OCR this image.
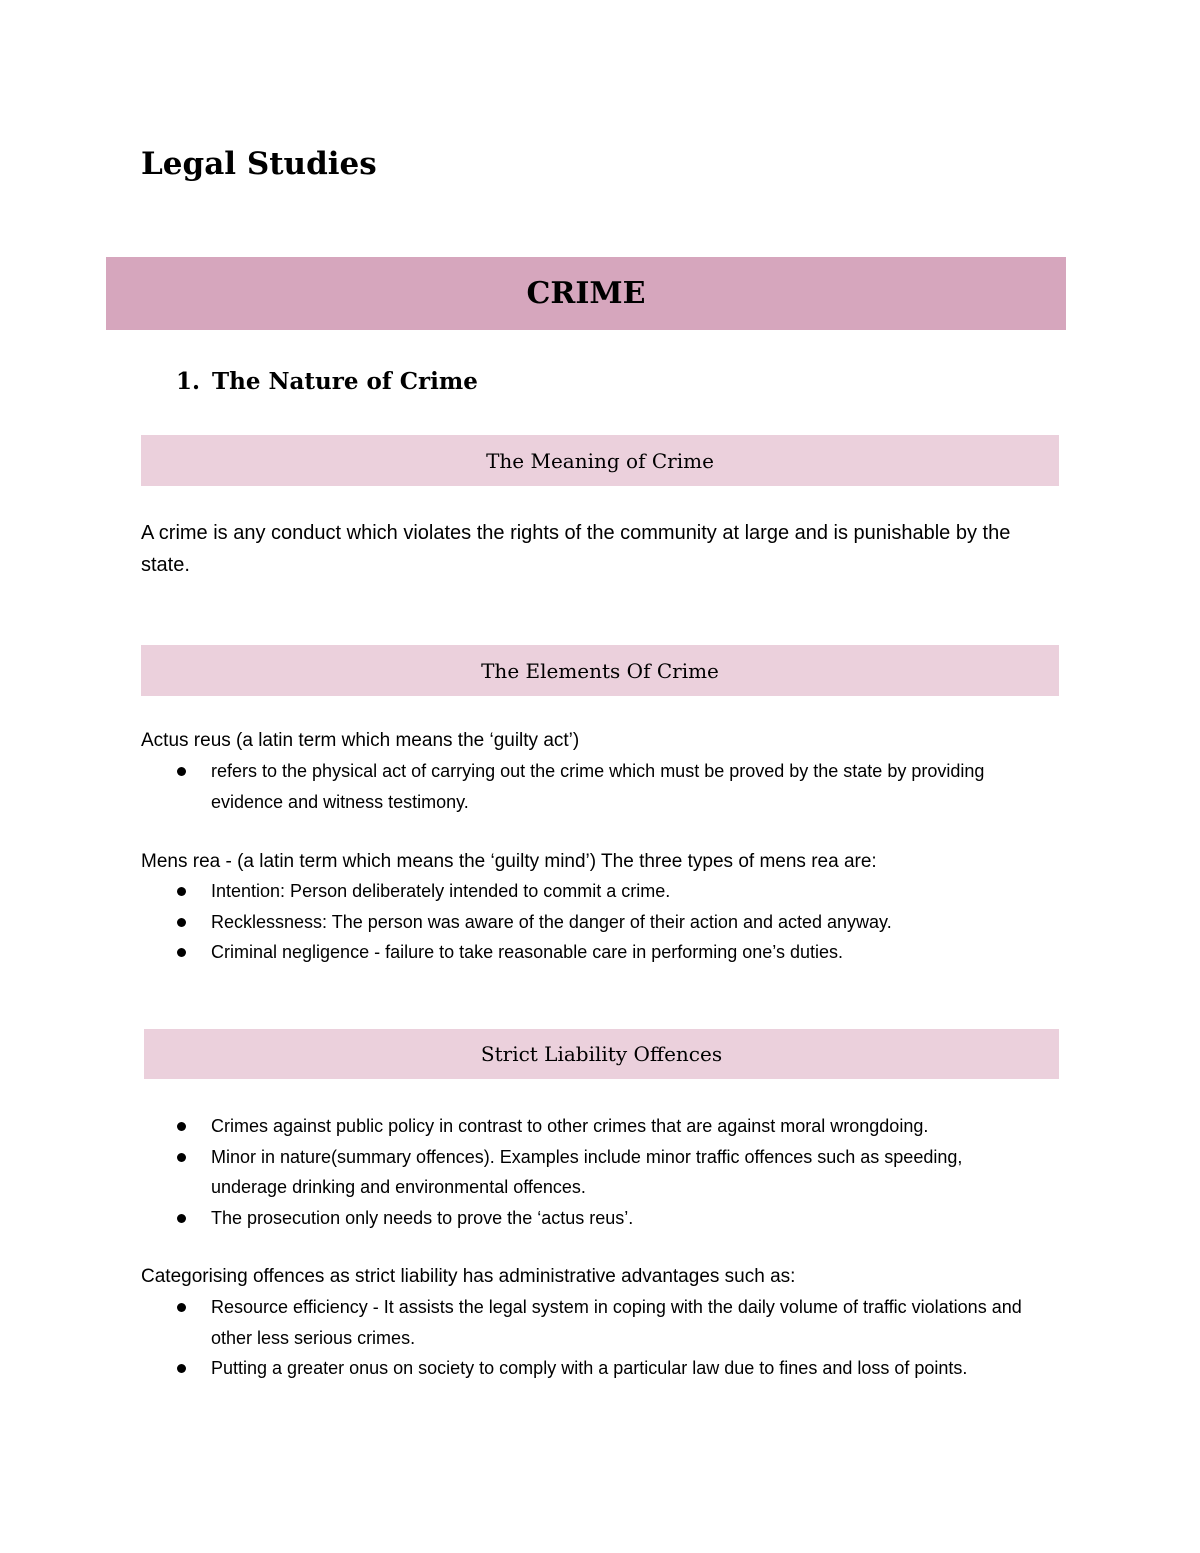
Legal Studies
CRIME
1. The Nature of Crime
The Meaning of Crime

A crime is any conduct which violates the rights of the community at large and is punishable by the state.

The Elements Of Crime

Actus reus (a latin term which means the ‘guilty act’)

refers to the physical act of carrying out the crime which must be proved by the state by providing evidence and witness testimony.

Mens rea - (a latin term which means the ‘guilty mind’) The three types of mens rea are:

Intention: Person deliberately intended to commit a crime.
Recklessness: The person was aware of the danger of their action and acted anyway.
Criminal negligence - failure to take reasonable care in performing one’s duties.
Strict Liability Offences
Crimes against public policy in contrast to other crimes that are against moral wrongdoing.
Minor in nature(summary offences). Examples include minor traffic offences such as speeding, underage drinking and environmental offences.
The prosecution only needs to prove the ‘actus reus’.

Categorising offences as strict liability has administrative advantages such as:

Resource efficiency - It assists the legal system in coping with the daily volume of traffic violations and other less serious crimes.
Putting a greater onus on society to comply with a particular law due to fines and loss of points.
